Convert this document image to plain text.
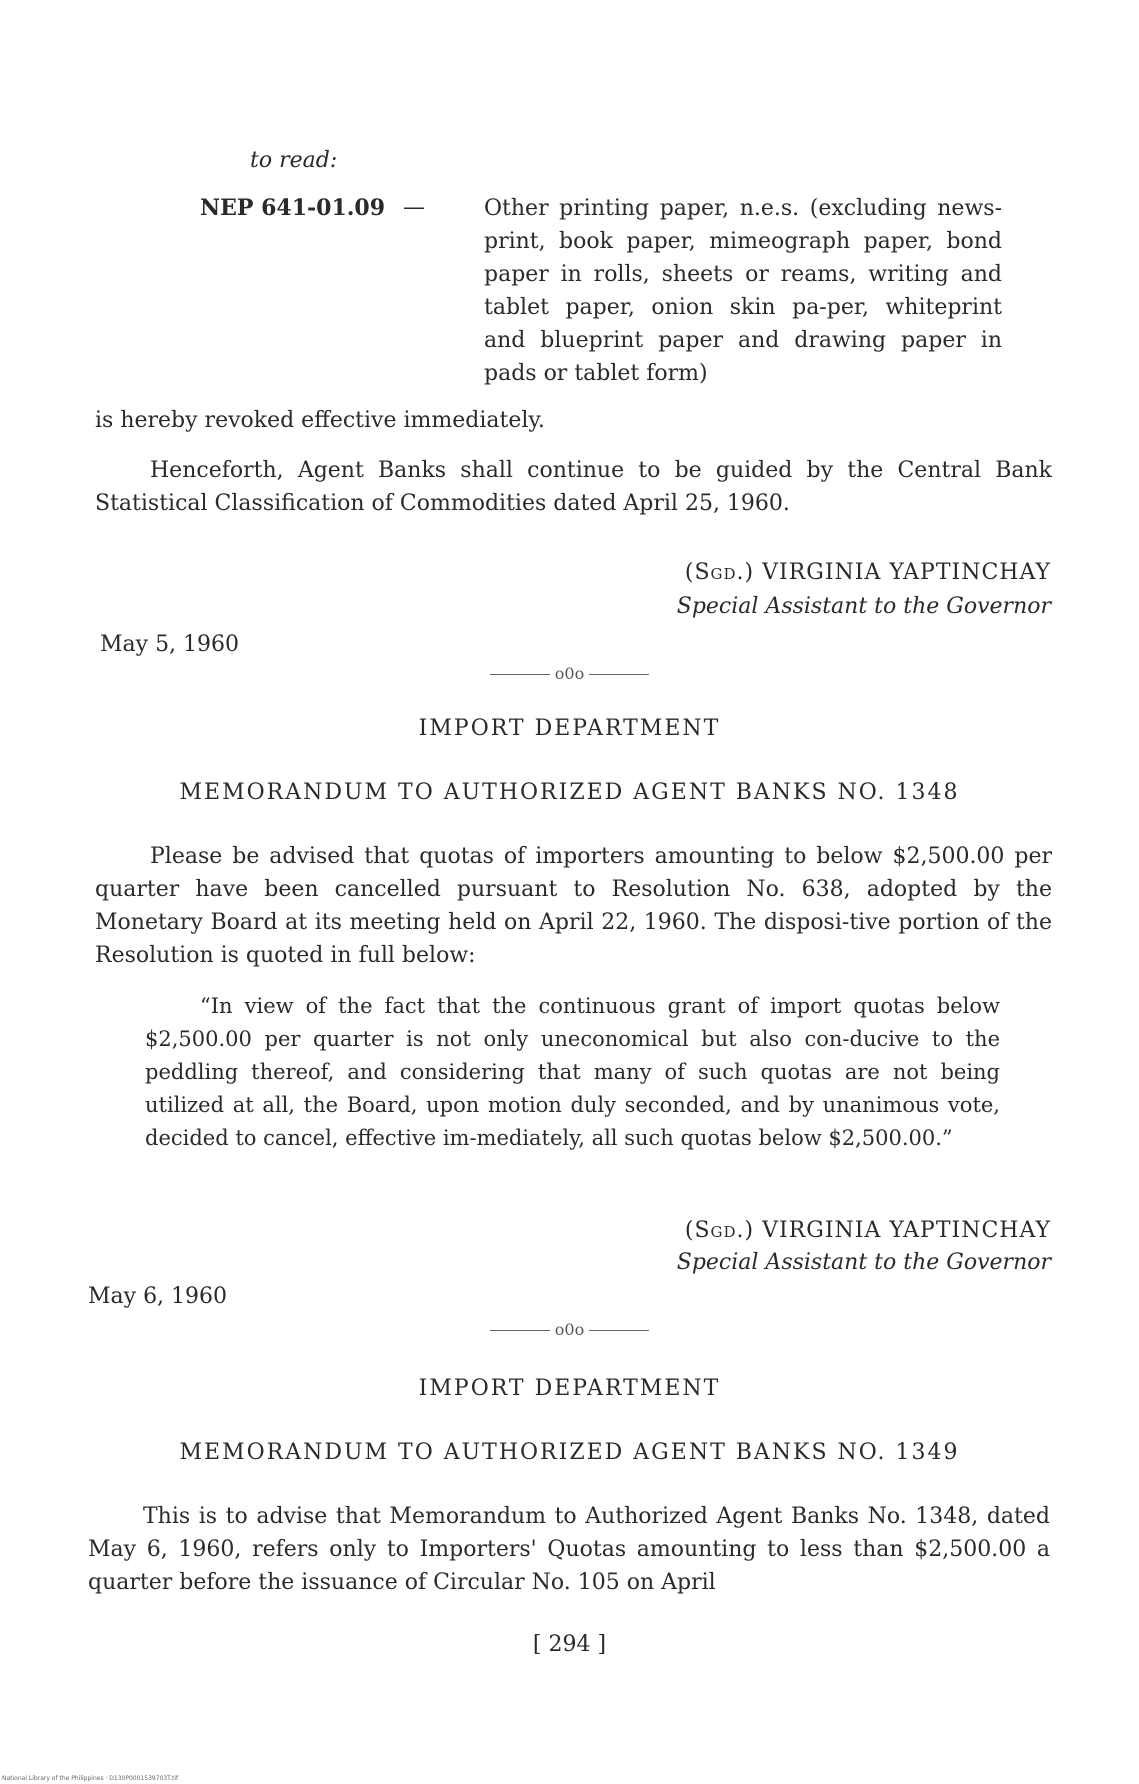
to read:
NEP 641-01.09 —	Other printing paper, n.e.s. (excluding news-print, book paper, mimeograph paper, bond paper in rolls, sheets or reams, writing and tablet paper, onion skin pa-per, whiteprint and blueprint paper and drawing paper in pads or tablet form)
is hereby revoked effective immediately.
Henceforth, Agent Banks shall continue to be guided by the Central Bank Statistical Classification of Commodities dated April 25, 1960.
(Sgd.) VIRGINIA YAPTINCHAY
Special Assistant to the Governor
May 5, 1960
o0o
IMPORT DEPARTMENT
MEMORANDUM TO AUTHORIZED AGENT BANKS NO. 1348
Please be advised that quotas of importers amounting to below $2,500.00 per quarter have been cancelled pursuant to Resolution No. 638, adopted by the Monetary Board at its meeting held on April 22, 1960. The disposi-tive portion of the Resolution is quoted in full below:
“In view of the fact that the continuous grant of import quotas below $2,500.00 per quarter is not only uneconomical but also con-ducive to the peddling thereof, and considering that many of such quotas are not being utilized at all, the Board, upon motion duly seconded, and by unanimous vote, decided to cancel, effective im-mediately, all such quotas below $2,500.00.”
(Sgd.) VIRGINIA YAPTINCHAY
Special Assistant to the Governor
May 6, 1960
o0o
IMPORT DEPARTMENT
MEMORANDUM TO AUTHORIZED AGENT BANKS NO. 1349
This is to advise that Memorandum to Authorized Agent Banks No. 1348, dated May 6, 1960, refers only to Importers' Quotas amounting to less than $2,500.00 a quarter before the issuance of Circular No. 105 on April
[ 294 ]
National Library of the Philippines · D130P0001539703T.tif
